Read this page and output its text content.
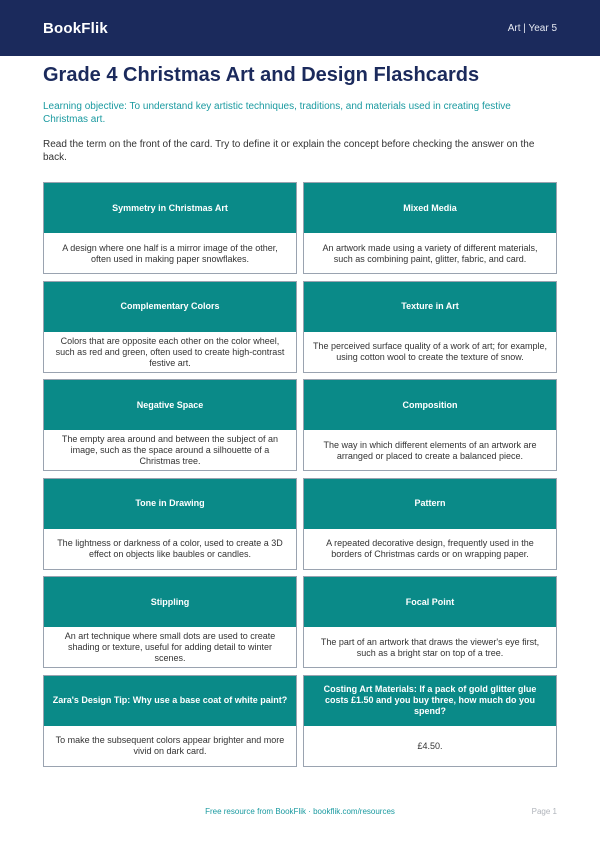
BookFlik	Art | Year 5
Grade 4 Christmas Art and Design Flashcards
Learning objective: To understand key artistic techniques, traditions, and materials used in creating festive Christmas art.
Read the term on the front of the card. Try to define it or explain the concept before checking the answer on the back.
Symmetry in Christmas Art
A design where one half is a mirror image of the other, often used in making paper snowflakes.
Mixed Media
An artwork made using a variety of different materials, such as combining paint, glitter, fabric, and card.
Complementary Colors
Colors that are opposite each other on the color wheel, such as red and green, often used to create high-contrast festive art.
Texture in Art
The perceived surface quality of a work of art; for example, using cotton wool to create the texture of snow.
Negative Space
The empty area around and between the subject of an image, such as the space around a silhouette of a Christmas tree.
Composition
The way in which different elements of an artwork are arranged or placed to create a balanced piece.
Tone in Drawing
The lightness or darkness of a color, used to create a 3D effect on objects like baubles or candles.
Pattern
A repeated decorative design, frequently used in the borders of Christmas cards or on wrapping paper.
Stippling
An art technique where small dots are used to create shading or texture, useful for adding detail to winter scenes.
Focal Point
The part of an artwork that draws the viewer's eye first, such as a bright star on top of a tree.
Zara's Design Tip: Why use a base coat of white paint?
To make the subsequent colors appear brighter and more vivid on dark card.
Costing Art Materials: If a pack of gold glitter glue costs £1.50 and you buy three, how much do you spend?
£4.50.
Free resource from BookFlik · bookflik.com/resources	Page 1
